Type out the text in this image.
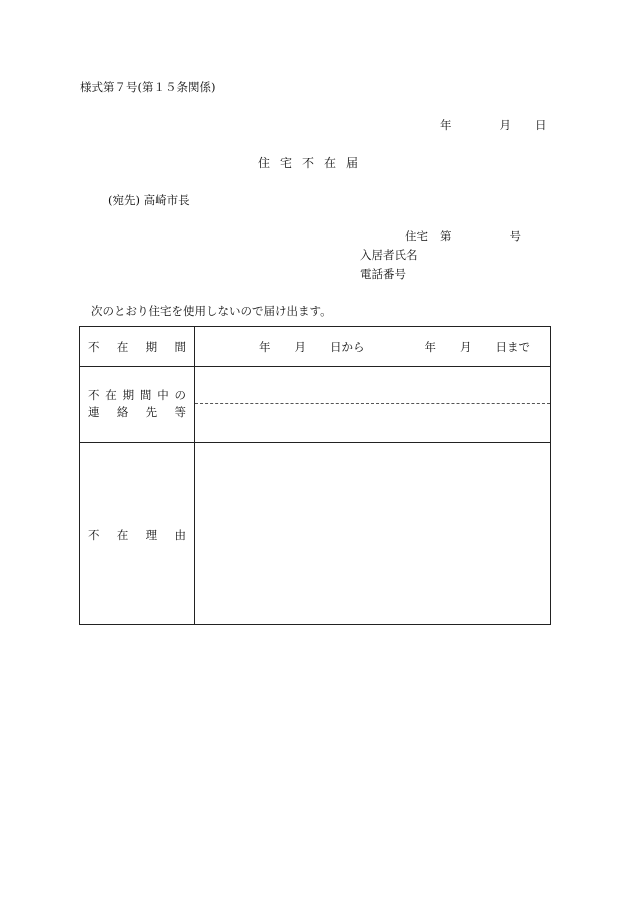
様式第７号(第１５条関係)
年	月 日
住宅不在届
(宛先) 高崎市長
住宅 第	号
入居者氏名
電話番号
次のとおり住宅を使用しないので届け出ます。
不 在 期 間	年 月 日から	年 月 日まで
不 在 期 間 中 の
連 絡 先 等
不 在 理 由
